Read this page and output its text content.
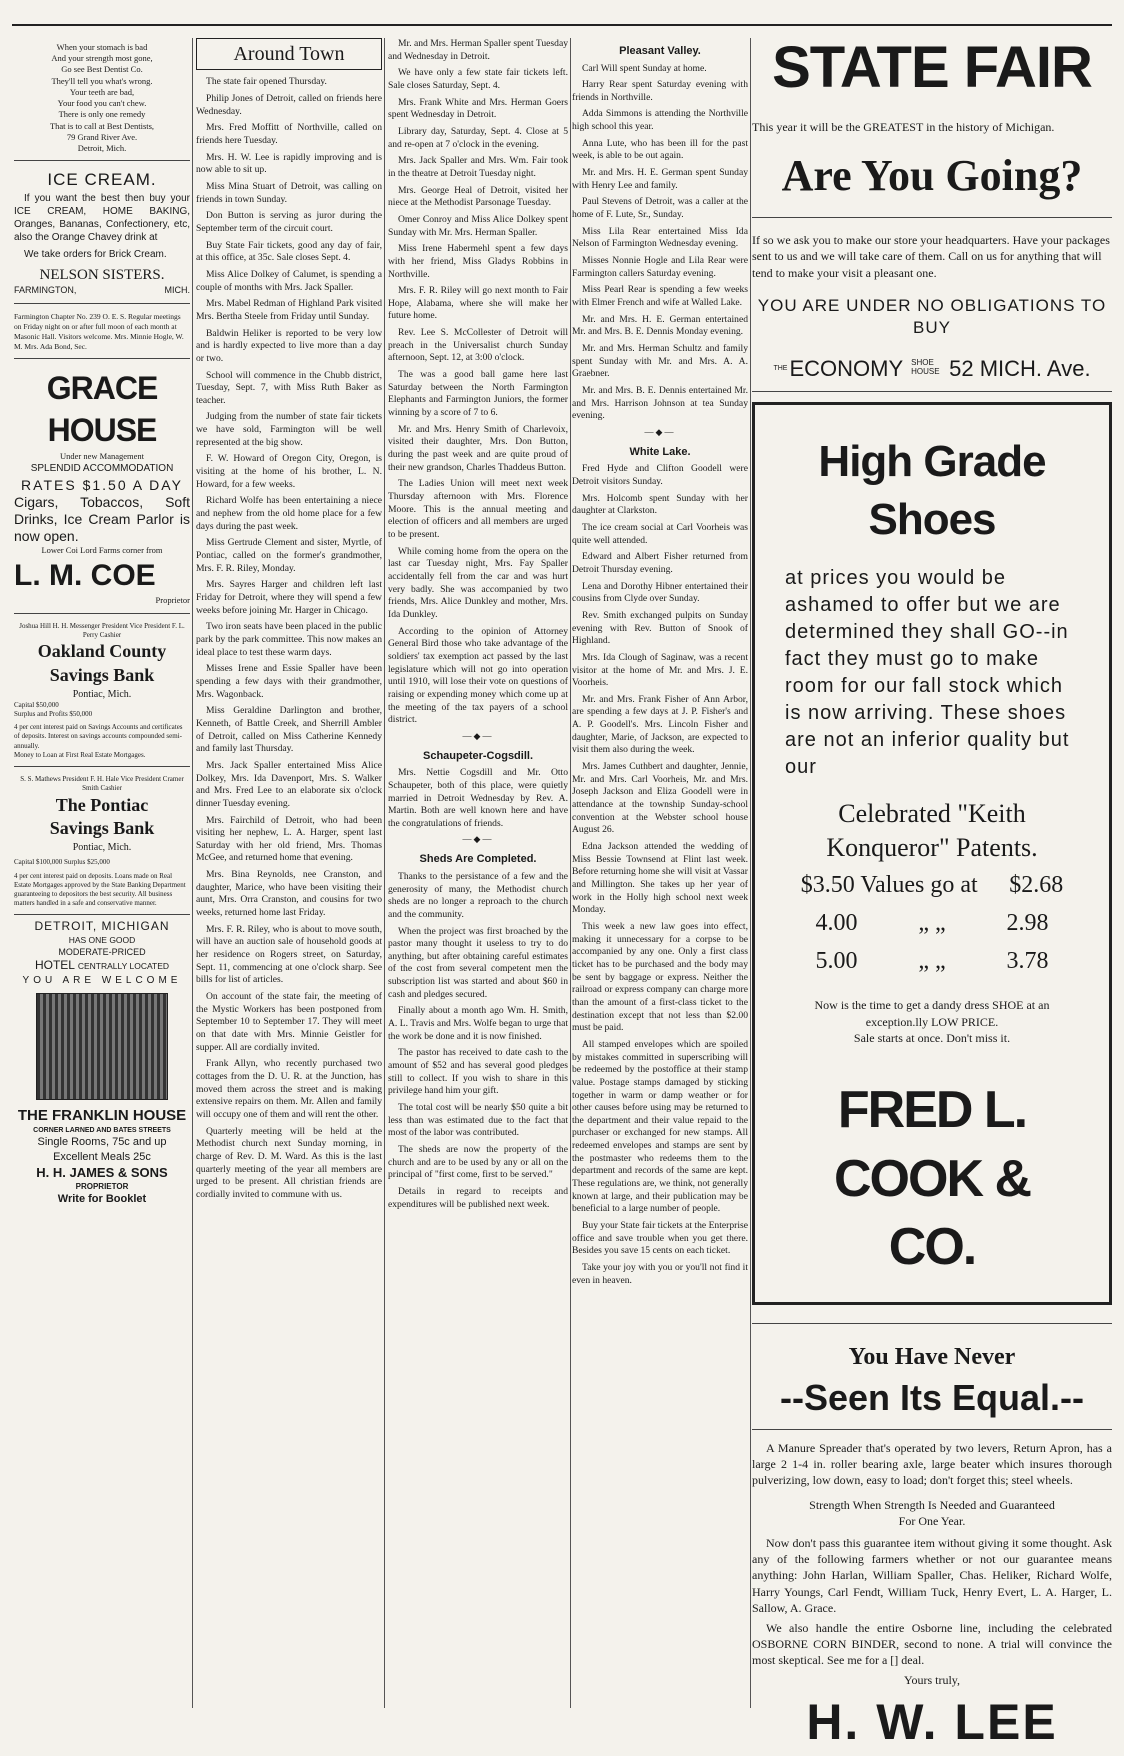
When your stomach is bad
And your strength most gone,
Go see Best Dentist Co.
They'll tell you what's wrong.
Your teeth are bad,
Your food you can't chew.
There is only one remedy
That is to call at Best Dentists,
79 Grand River Ave.
Detroit, Mich.
ICE CREAM.

If you want the best then buy your ICE CREAM, HOME BAKING, Oranges, Bananas, Confectionery, etc, also the Orange Chavey drink at

We take orders for Brick Cream.

NELSON SISTERS.
FARMINGTON,	MICH.
Farmington Chapter No. 239 O. E. S. Regular meetings on Friday night on or after full moon of each month at Masonic Hall. Visitors welcome. Mrs. Minnie Hogle, W. M. Mrs. Ada Bond, Sec.
GRACE HOUSE
Under new Management
SPLENDID ACCOMMODATION
RATES $1.50 A DAY
Cigars, Tobaccos, Soft Drinks, Ice Cream Parlor is now open.
Lower Coi Lord Farms corner from
L. M. COE
Proprietor
Joshua Hill H. H. Messenger President Vice President F. L. Perry Cashier
Oakland County
Savings Bank
Pontiac, Mich.
Capital $50,000
Surplus and Profits $50,000
4 per cent interest paid on Savings Accounts and certificates of deposits. Interest on savings accounts compounded semi-annually.
Money to Loan at First Real Estate Mortgages.
S. S. Mathews President F. H. Hale Vice President Cramer Smith Cashier
The Pontiac
Savings Bank
Pontiac, Mich.
Capital $100,000 Surplus $25,000
4 per cent interest paid on deposits. Loans made on Real Estate Mortgages approved by the State Banking Department guaranteeing to depositors the best security. All business matters handled in a safe and conservative manner.
DETROIT, MICHIGAN
HAS ONE GOOD
MODERATE-PRICED
HOTEL CENTRALLY LOCATED
YOU ARE WELCOME
THE FRANKLIN HOUSE
CORNER LARNED AND BATES STREETS
Single Rooms, 75c and up
Excellent Meals 25c
H. H. JAMES & SONS
PROPRIETOR
Write for Booklet
Around Town

The state fair opened Thursday.

Philip Jones of Detroit, called on friends here Wednesday.

Mrs. Fred Moffitt of Northville, called on friends here Tuesday.

Mrs. H. W. Lee is rapidly improving and is now able to sit up.

Miss Mina Stuart of Detroit, was calling on friends in town Sunday.

Don Button is serving as juror during the September term of the circuit court.

Buy State Fair tickets, good any day of fair, at this office, at 35c. Sale closes Sept. 4.

Miss Alice Dolkey of Calumet, is spending a couple of months with Mrs. Jack Spaller.

Mrs. Mabel Redman of Highland Park visited Mrs. Bertha Steele from Friday until Sunday.

Baldwin Heliker is reported to be very low and is hardly expected to live more than a day or two.

School will commence in the Chubb district, Tuesday, Sept. 7, with Miss Ruth Baker as teacher.

Judging from the number of state fair tickets we have sold, Farmington will be well represented at the big show.

F. W. Howard of Oregon City, Oregon, is visiting at the home of his brother, L. N. Howard, for a few weeks.

Richard Wolfe has been entertaining a niece and nephew from the old home place for a few days during the past week.

Miss Gertrude Clement and sister, Myrtle, of Pontiac, called on the former's grandmother, Mrs. F. R. Riley, Monday.

Mrs. Sayres Harger and children left last Friday for Detroit, where they will spend a few weeks before joining Mr. Harger in Chicago.

Two iron seats have been placed in the public park by the park committee. This now makes an ideal place to test these warm days.

Misses Irene and Essie Spaller have been spending a few days with their grandmother, Mrs. Wagonback.

Miss Geraldine Darlington and brother, Kenneth, of Battle Creek, and Sherrill Ambler of Detroit, called on Miss Catherine Kennedy and family last Thursday.

Mrs. Jack Spaller entertained Miss Alice Dolkey, Mrs. Ida Davenport, Mrs. S. Walker and Mrs. Fred Lee to an elaborate six o'clock dinner Tuesday evening.

Mrs. Fairchild of Detroit, who had been visiting her nephew, L. A. Harger, spent last Saturday with her old friend, Mrs. Thomas McGee, and returned home that evening.

Mrs. Bina Reynolds, nee Cranston, and daughter, Marice, who have been visiting their aunt, Mrs. Orra Cranston, and cousins for two weeks, returned home last Friday.

Mrs. F. R. Riley, who is about to move south, will have an auction sale of household goods at her residence on Rogers street, on Saturday, Sept. 11, commencing at one o'clock sharp. See bills for list of articles.

On account of the state fair, the meeting of the Mystic Workers has been postponed from September 10 to September 17. They will meet on that date with Mrs. Minnie Geistler for supper. All are cordially invited.

Frank Allyn, who recently purchased two cottages from the D. U. R. at the Junction, has moved them across the street and is making extensive repairs on them. Mr. Allen and family will occupy one of them and will rent the other.

Quarterly meeting will be held at the Methodist church next Sunday morning, in charge of Rev. D. M. Ward. As this is the last quarterly meeting of the year all members are urged to be present. All christian friends are cordially invited to commune with us.

Mr. and Mrs. Herman Spaller spent Tuesday and Wednesday in Detroit.

We have only a few state fair tickets left. Sale closes Saturday, Sept. 4.

Mrs. Frank White and Mrs. Herman Goers spent Wednesday in Detroit.

Library day, Saturday, Sept. 4. Close at 5 and re-open at 7 o'clock in the evening.

Mrs. Jack Spaller and Mrs. Wm. Fair took in the theatre at Detroit Tuesday night.

Mrs. George Heal of Detroit, visited her niece at the Methodist Parsonage Tuesday.

Omer Conroy and Miss Alice Dolkey spent Sunday with Mr. Mrs. Herman Spaller.

Miss Irene Habermehl spent a few days with her friend, Miss Gladys Robbins in Northville.

Mrs. F. R. Riley will go next month to Fair Hope, Alabama, where she will make her future home.

Rev. Lee S. McCollester of Detroit will preach in the Universalist church Sunday afternoon, Sept. 12, at 3:00 o'clock.

The was a good ball game here last Saturday between the North Farmington Elephants and Farmington Juniors, the former winning by a score of 7 to 6.

Mr. and Mrs. Henry Smith of Charlevoix, visited their daughter, Mrs. Don Button, during the past week and are quite proud of their new grandson, Charles Thaddeus Button.

The Ladies Union will meet next week Thursday afternoon with Mrs. Florence Moore. This is the annual meeting and election of officers and all members are urged to be present.

While coming home from the opera on the last car Tuesday night, Mrs. Fay Spaller accidentally fell from the car and was hurt very badly. She was accompanied by two friends, Mrs. Alice Dunkley and mother, Mrs. Ida Dunkley.

According to the opinion of Attorney General Bird those who take advantage of the soldiers' tax exemption act passed by the last legislature which will not go into operation until 1910, will lose their vote on questions of raising or expending money which come up at the meeting of the tax payers of a school district.

—◆—
Schaupeter-Cogsdill.

Mrs. Nettie Cogsdill and Mr. Otto Schaupeter, both of this place, were quietly married in Detroit Wednesday by Rev. A. Martin. Both are well known here and have the congratulations of friends.

—◆—
Sheds Are Completed.

Thanks to the persistance of a few and the generosity of many, the Methodist church sheds are no longer a reproach to the church and the community.

When the project was first broached by the pastor many thought it useless to try to do anything, but after obtaining careful estimates of the cost from several competent men the subscription list was started and about $60 in cash and pledges secured.

Finally about a month ago Wm. H. Smith, A. L. Travis and Mrs. Wolfe began to urge that the work be done and it is now finished.

The pastor has received to date cash to the amount of $52 and has several good pledges still to collect. If you wish to share in this privilege hand him your gift.

The total cost will be nearly $50 quite a bit less than was estimated due to the fact that most of the labor was contributed.

The sheds are now the property of the church and are to be used by any or all on the principal of "first come, first to be served."

Details in regard to receipts and expenditures will be published next week.

Pleasant Valley.

Carl Will spent Sunday at home.

Harry Rear spent Saturday evening with friends in Northville.

Adda Simmons is attending the Northville high school this year.

Anna Lute, who has been ill for the past week, is able to be out again.

Mr. and Mrs. H. E. German spent Sunday with Henry Lee and family.

Paul Stevens of Detroit, was a caller at the home of F. Lute, Sr., Sunday.

Miss Lila Rear entertained Miss Ida Nelson of Farmington Wednesday evening.

Misses Nonnie Hogle and Lila Rear were Farmington callers Saturday evening.

Miss Pearl Rear is spending a few weeks with Elmer French and wife at Walled Lake.

Mr. and Mrs. H. E. German entertained Mr. and Mrs. B. E. Dennis Monday evening.

Mr. and Mrs. Herman Schultz and family spent Sunday with Mr. and Mrs. A. A. Graebner.

Mr. and Mrs. B. E. Dennis entertained Mr. and Mrs. Harrison Johnson at tea Sunday evening.

—◆—
White Lake.

Fred Hyde and Clifton Goodell were Detroit visitors Sunday.

Mrs. Holcomb spent Sunday with her daughter at Clarkston.

The ice cream social at Carl Voorheis was quite well attended.

Edward and Albert Fisher returned from Detroit Thursday evening.

Lena and Dorothy Hibner entertained their cousins from Clyde over Sunday.

Rev. Smith exchanged pulpits on Sunday evening with Rev. Button of Snook of Highland.

Mrs. Ida Clough of Saginaw, was a recent visitor at the home of Mr. and Mrs. J. E. Voorheis.

Mr. and Mrs. Frank Fisher of Ann Arbor, are spending a few days at J. P. Fisher's and A. P. Goodell's. Mrs. Lincoln Fisher and daughter, Marie, of Jackson, are expected to visit them also during the week.

Mrs. James Cuthbert and daughter, Jennie, Mr. and Mrs. Carl Voorheis, Mr. and Mrs. Joseph Jackson and Eliza Goodell were in attendance at the township Sunday-school convention at the Webster school house August 26.

Edna Jackson attended the wedding of Miss Bessie Townsend at Flint last week. Before returning home she will visit at Vassar and Millington. She takes up her year of work in the Holly high school next week Monday.

This week a new law goes into effect, making it unnecessary for a corpse to be accompanied by any one. Only a first class ticket has to be purchased and the body may be sent by baggage or express. Neither the railroad or express company can charge more than the amount of a first-class ticket to the destination except that not less than $2.00 must be paid.

All stamped envelopes which are spoiled by mistakes committed in superscribing will be redeemed by the postoffice at their stamp value. Postage stamps damaged by sticking together in warm or damp weather or for other causes before using may be returned to the department and their value repaid to the purchaser or exchanged for new stamps. All redeemed envelopes and stamps are sent by the postmaster who redeems them to the department and records of the same are kept. These regulations are, we think, not generally known at large, and their publication may be beneficial to a large number of people.

Buy your State fair tickets at the Enterprise office and save trouble when you get there. Besides you save 15 cents on each ticket.

Take your joy with you or you'll not find it even in heaven.

STATE FAIR
This year it will be the GREATEST in the history of Michigan.
Are You Going?
If so we ask you to make our store your headquarters. Have your packages sent to us and we will take care of them. Call on us for anything that will tend to make your visit a pleasant one.
YOU ARE UNDER NO OBLIGATIONS TO BUY
THE ECONOMY SHOE HOUSE 52 MICH. Ave.
High Grade Shoes
at prices you would be ashamed to offer but we are determined they shall GO--in fact they must go to make room for our fall stock which is now arriving. These shoes are not an inferior quality but our
Celebrated "Keith Konqueror" Patents.
$3.50 Values go at $2.68
4.00	„ „	2.98
5.00	„ „	3.78
Now is the time to get a dandy dress SHOE at an exception.lly LOW PRICE.
Sale starts at once. Don't miss it.
FRED L. COOK & CO.
You Have Never
--Seen Its Equal.--

A Manure Spreader that's operated by two levers, Return Apron, has a large 2 1-4 in. roller bearing axle, large beater which insures thorough pulverizing, low down, easy to load; don't forget this; steel wheels.

Strength When Strength Is Needed and Guaranteed
For One Year.

Now don't pass this guarantee item without giving it some thought. Ask any of the following farmers whether or not our guarantee means anything: John Harlan, William Spaller, Chas. Heliker, Richard Wolfe, Harry Youngs, Carl Fendt, William Tuck, Henry Evert, L. A. Harger, L. Sallow, A. Grace.

We also handle the entire Osborne line, including the celebrated OSBORNE CORN BINDER, second to none. A trial will convince the most skeptical. See me for a [] deal.

Yours truly,
H. W. LEE
